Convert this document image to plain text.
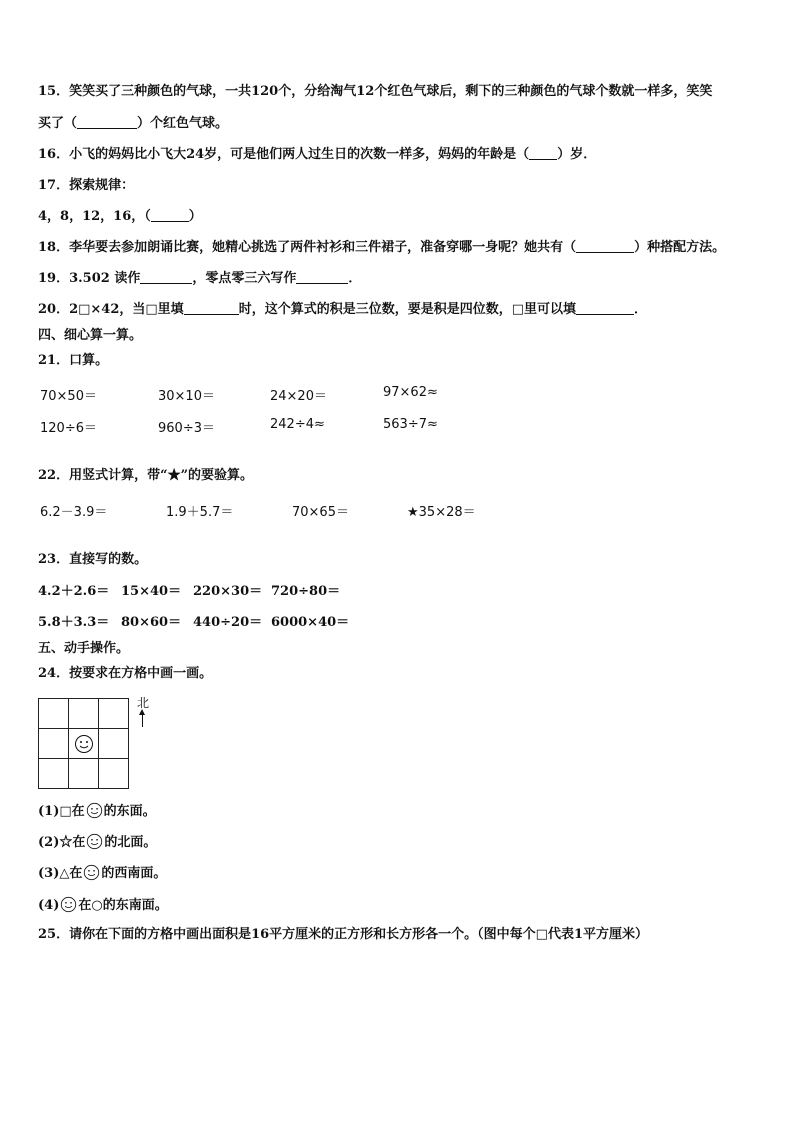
15．笑笑买了三种颜色的气球，一共120个，分给淘气12个红色气球后，剩下的三种颜色的气球个数就一样多，笑笑
买了（	）个红色气球。
16．小飞的妈妈比小飞大24岁，可是他们两人过生日的次数一样多，妈妈的年龄是（ ）岁．
17．探索规律：
4，8，12，16，（	）
18．李华要去参加朗诵比赛，她精心挑选了两件衬衫和三件裙子，准备穿哪一身呢？她共有（	）种搭配方法。
19．3.502 读作	，零点零三六写作	．
20．2□×42，当□里填	时，这个算式的积是三位数，要是积是四位数，□里可以填	．
四、细心算一算。
21．口算。
70×50＝	30×10＝	24×20＝	97×62≈
120÷6＝	960÷3＝	242÷4≈	563÷7≈
22．用竖式计算，带“★”的要验算。
6.2－3.9＝	1.9＋5.7＝	70×65＝	★35×28＝
23．直接写的数。
4.2＋2.6＝ 15×40＝ 220×30＝ 720÷80＝
5.8＋3.3＝ 80×60＝ 440÷20＝ 6000×40＝
五、动手操作。
24．按要求在方格中画一画。

北
(1)□在 的东面。
(2)☆在 的北面。
(3)△在 的西南面。
(4) 在○的东南面。
25．请你在下面的方格中画出面积是16平方厘米的正方形和长方形各一个。（图中每个□代表1平方厘米）
